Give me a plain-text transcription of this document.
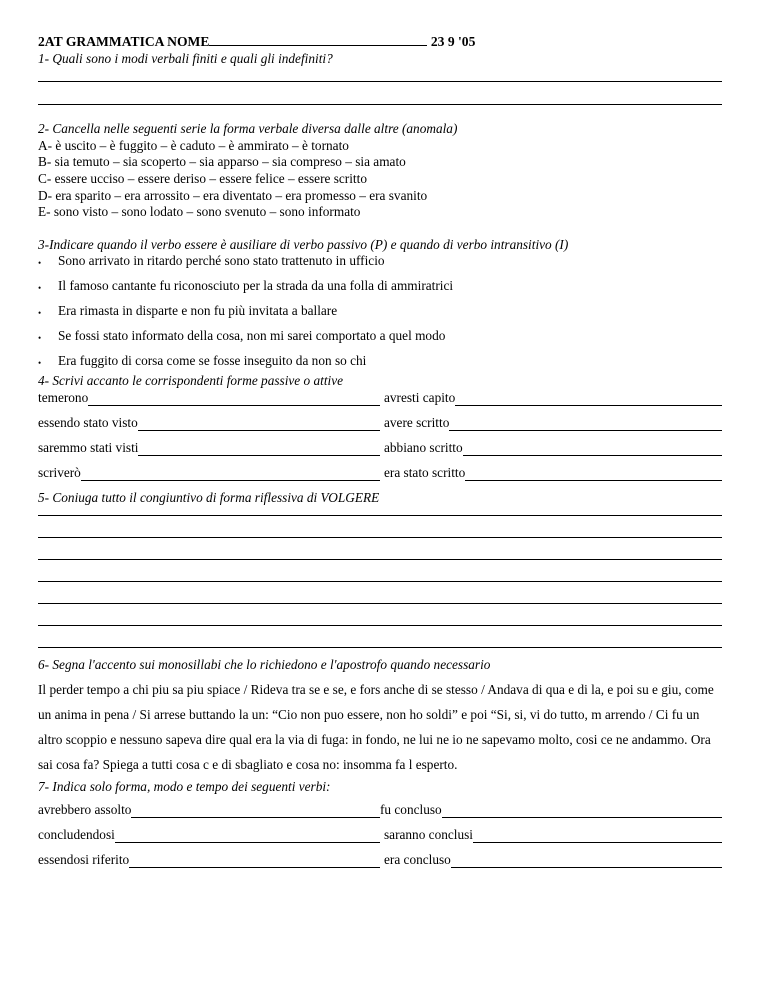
2AT GRAMMATICA NOME	23 9 '05
1- Quali sono i modi verbali finiti e quali gli indefiniti?
2- Cancella nelle seguenti serie la forma verbale diversa dalle altre (anomala)
A- è uscito – è fuggito – è caduto – è ammirato – è tornato
B- sia temuto – sia scoperto – sia apparso – sia compreso – sia amato
C- essere ucciso – essere deriso – essere felice – essere scritto
D- era sparito – era arrossito – era diventato – era promesso – era svanito
E- sono visto – sono lodato – sono svenuto – sono informato
3-Indicare quando il verbo essere è ausiliare di verbo passivo (P) e quando di verbo intransitivo (I)
•	Sono arrivato in ritardo perché sono stato trattenuto in ufficio
•	Il famoso cantante fu riconosciuto per la strada da una folla di ammiratrici
•	Era rimasta in disparte e non fu più invitata a ballare
•	Se fossi stato informato della cosa, non mi sarei comportato a quel modo
•	Era fuggito di corsa come se fosse inseguito da non so chi
4- Scrivi accanto le corrispondenti forme passive o attive
temerono	avresti capito
essendo stato visto	avere scritto
saremmo stati visti	abbiano scritto
scriverò	era stato scritto
5- Coniuga tutto il congiuntivo di forma riflessiva di VOLGERE
6- Segna l'accento sui monosillabi che lo richiedono e l'apostrofo quando necessario
Il perder tempo a chi piu sa piu spiace / Rideva tra se e se, e fors anche di se stesso / Andava di qua e di la, e poi su e giu, come un anima in pena / Si arrese buttando la un: “Cio non puo essere, non ho soldi” e poi “Si, si, vi do tutto, m arrendo / Ci fu un altro scoppio e nessuno sapeva dire qual era la via di fuga: in fondo, ne lui ne io ne sapevamo molto, cosi ce ne andammo. Ora sai cosa fa? Spiega a tutti cosa c e di sbagliato e cosa no: insomma fa l esperto.
7- Indica solo forma, modo e tempo dei seguenti verbi:
avrebbero assolto	fu concluso
concludendosi	saranno conclusi
essendosi riferito	era concluso
